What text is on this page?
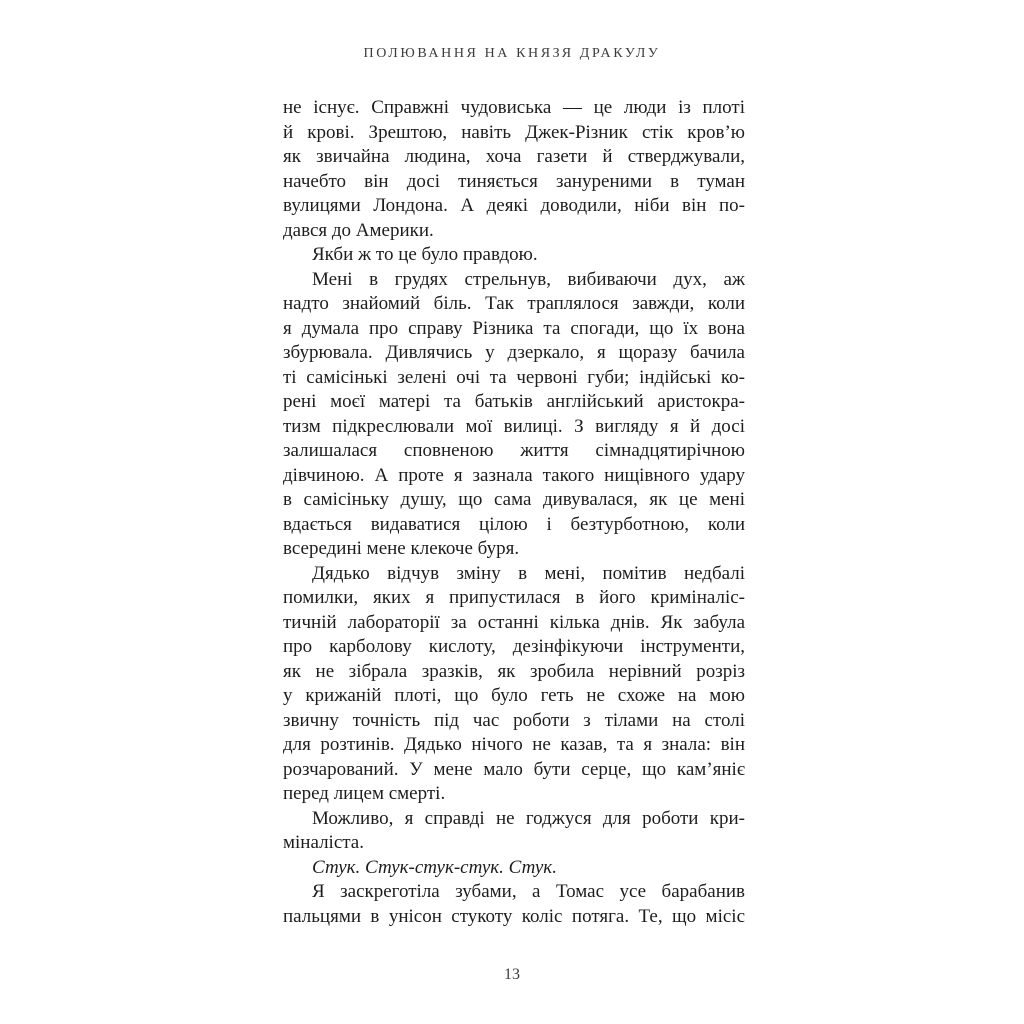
ПОЛЮВАННЯ НА КНЯЗЯ ДРАКУЛУ
не існує. Справжні чудовиська — це люди із плоті
й крові. Зрештою, навіть Джек-Різник стік кров’ю
як звичайна людина, хоча газети й стверджували,
начебто він досі тиняється зануреними в туман
вулицями Лондона. А деякі доводили, ніби він по-
дався до Америки.
Якби ж то це було правдою.
Мені в грудях стрельнув, вибиваючи дух, аж
надто знайомий біль. Так траплялося завжди, коли
я думала про справу Різника та спогади, що їх вона
збурювала. Дивлячись у дзеркало, я щоразу бачила
ті самісінькі зелені очі та червоні губи; індійські ко-
рені моєї матері та батьків англійський аристокра-
тизм підкреслювали мої вилиці. З вигляду я й досі
залишалася сповненою життя сімнадцятирічною
дівчиною. А проте я зазнала такого нищівного удару
в самісіньку душу, що сама дивувалася, як це мені
вдається видаватися цілою і безтурботною, коли
всередині мене клекоче буря.
Дядько відчув зміну в мені, помітив недбалі
помилки, яких я припустилася в його криміналіс-
тичній лабораторії за останні кілька днів. Як забула
про карболову кислоту, дезінфікуючи інструменти,
як не зібрала зразків, як зробила нерівний розріз
у крижаній плоті, що було геть не схоже на мою
звичну точність під час роботи з тілами на столі
для розтинів. Дядько нічого не казав, та я знала: він
розчарований. У мене мало бути серце, що кам’яніє
перед лицем смерті.
Можливо, я справді не годжуся для роботи кри-
міналіста.
Стук. Стук-стук-стук. Стук.
Я заскреготіла зубами, а Томас усе барабанив
пальцями в унісон стукоту коліс потяга. Те, що місіс
13
